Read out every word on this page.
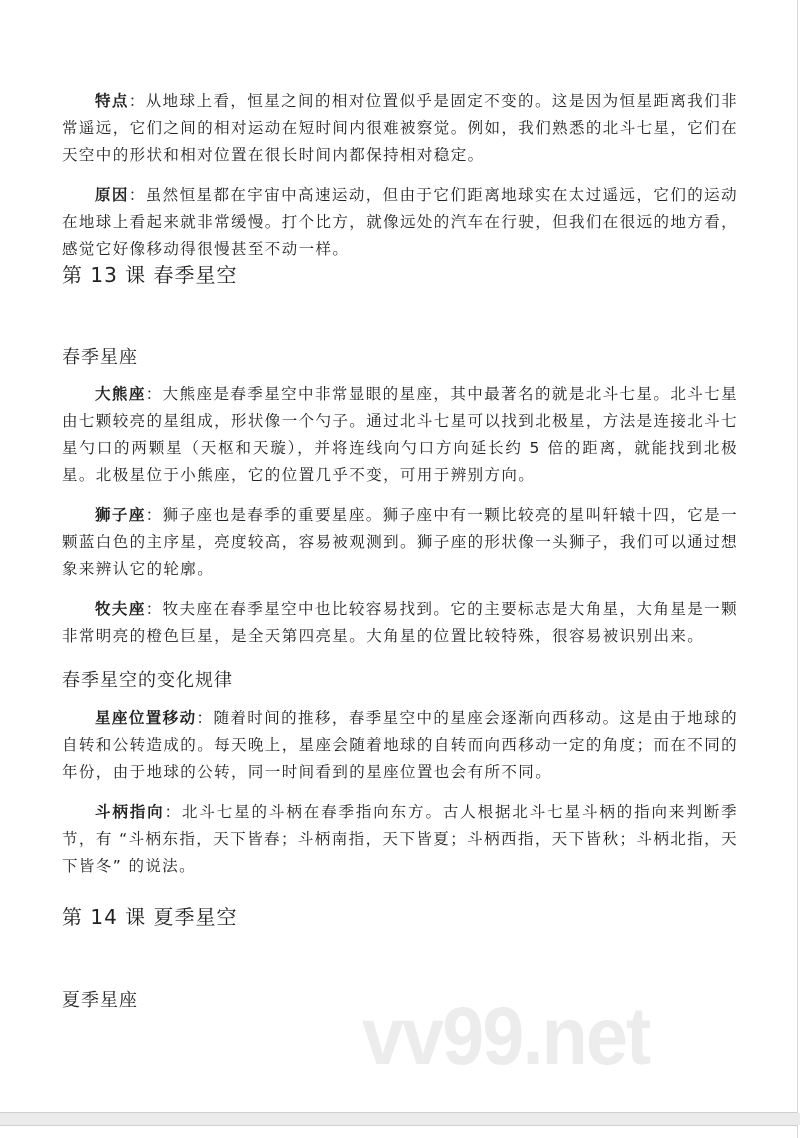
特点：从地球上看，恒星之间的相对位置似乎是固定不变的。这是因为恒星距离我们非常遥远，它们之间的相对运动在短时间内很难被察觉。例如，我们熟悉的北斗七星，它们在天空中的形状和相对位置在很长时间内都保持相对稳定。

原因：虽然恒星都在宇宙中高速运动，但由于它们距离地球实在太过遥远，它们的运动在地球上看起来就非常缓慢。打个比方，就像远处的汽车在行驶，但我们在很远的地方看，感觉它好像移动得很慢甚至不动一样。

第 13 课 春季星空
春季星座

大熊座：大熊座是春季星空中非常显眼的星座，其中最著名的就是北斗七星。北斗七星由七颗较亮的星组成，形状像一个勺子。通过北斗七星可以找到北极星，方法是连接北斗七星勺口的两颗星（天枢和天璇），并将连线向勺口方向延长约 5 倍的距离，就能找到北极星。北极星位于小熊座，它的位置几乎不变，可用于辨别方向。

狮子座：狮子座也是春季的重要星座。狮子座中有一颗比较亮的星叫轩辕十四，它是一颗蓝白色的主序星，亮度较高，容易被观测到。狮子座的形状像一头狮子，我们可以通过想象来辨认它的轮廓。

牧夫座：牧夫座在春季星空中也比较容易找到。它的主要标志是大角星，大角星是一颗非常明亮的橙色巨星，是全天第四亮星。大角星的位置比较特殊，很容易被识别出来。

春季星空的变化规律

星座位置移动：随着时间的推移，春季星空中的星座会逐渐向西移动。这是由于地球的自转和公转造成的。每天晚上，星座会随着地球的自转而向西移动一定的角度；而在不同的年份，由于地球的公转，同一时间看到的星座位置也会有所不同。

斗柄指向：北斗七星的斗柄在春季指向东方。古人根据北斗七星斗柄的指向来判断季节，有 “斗柄东指，天下皆春；斗柄南指，天下皆夏；斗柄西指，天下皆秋；斗柄北指，天下皆冬” 的说法。

第 14 课 夏季星空
夏季星座	vv99.net
